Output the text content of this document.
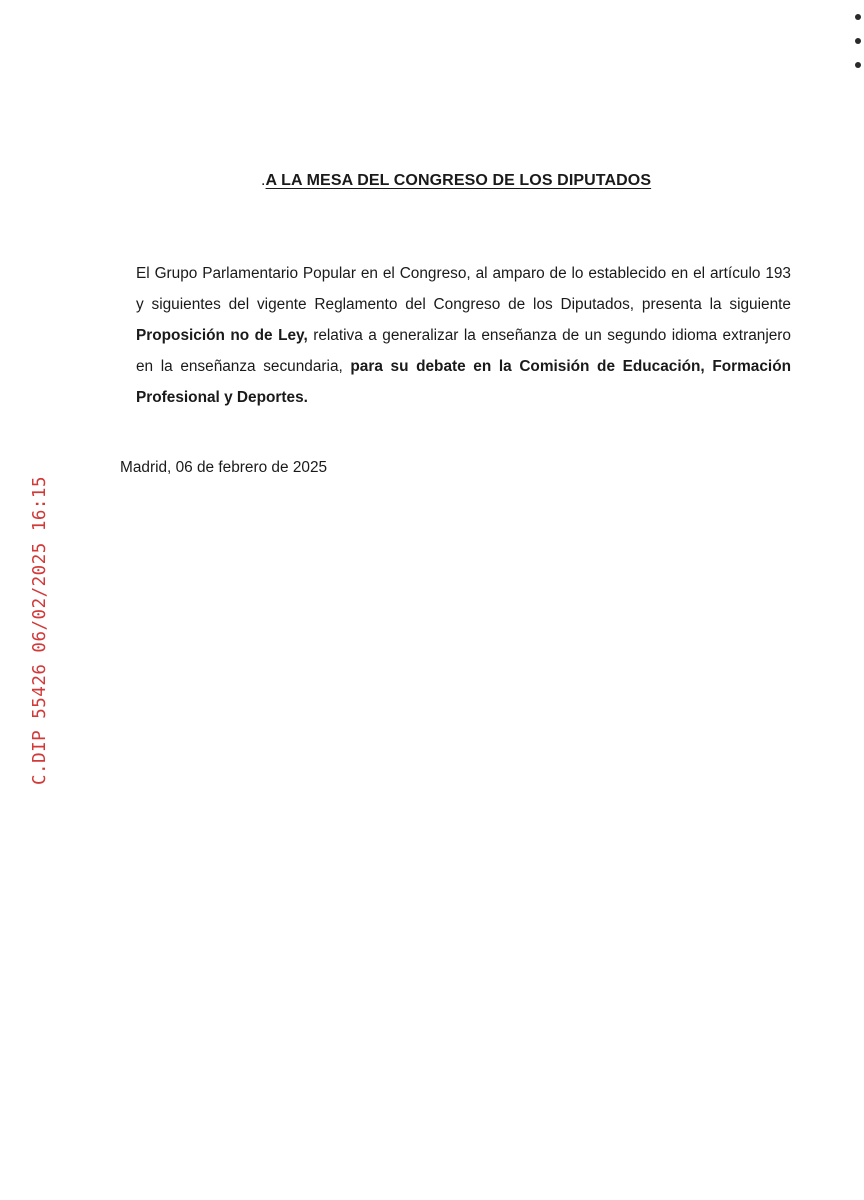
.A LA MESA DEL CONGRESO DE LOS DIPUTADOS
El Grupo Parlamentario Popular en el Congreso, al amparo de lo establecido en el artículo 193 y siguientes del vigente Reglamento del Congreso de los Diputados, presenta la siguiente Proposición no de Ley, relativa a generalizar la enseñanza de un segundo idioma extranjero en la enseñanza secundaria, para su debate en la Comisión de Educación, Formación Profesional y Deportes.
Madrid, 06 de febrero de 2025
C.DIP 55426 06/02/2025 16:15
